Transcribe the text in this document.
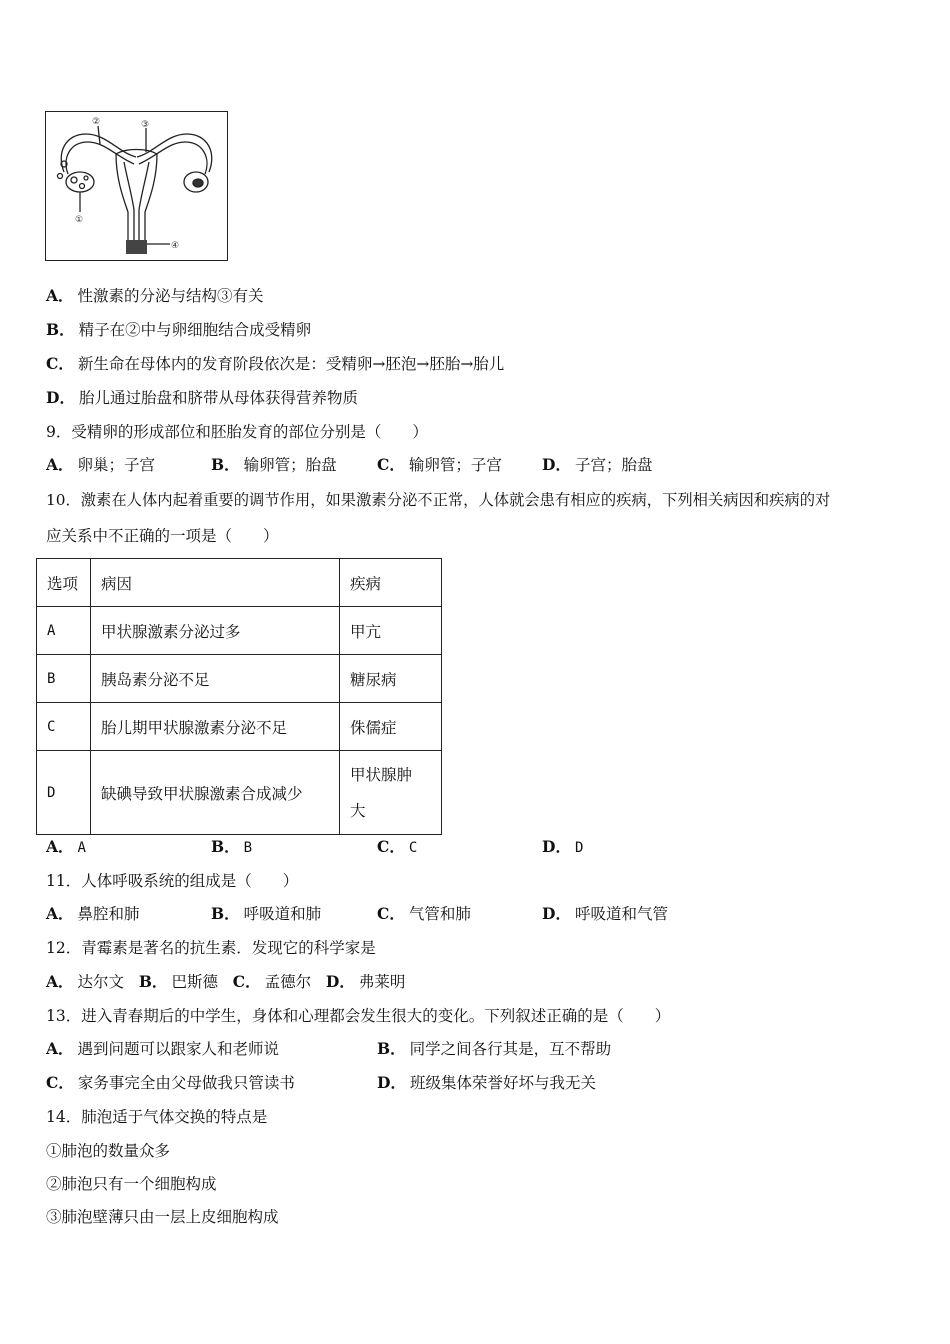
②	③
①
④
A． 性激素的分泌与结构③有关
B． 精子在②中与卵细胞结合成受精卵
C． 新生命在母体内的发育阶段依次是：受精卵→胚泡→胚胎→胎儿
D． 胎儿通过胎盘和脐带从母体获得营养物质
9．受精卵的形成部位和胚胎发育的部位分别是（　　）
A． 卵巢；子宫	B． 输卵管；胎盘	C． 输卵管；子宫	D． 子宫；胎盘
10．激素在人体内起着重要的调节作用，如果激素分泌不正常，人体就会患有相应的疾病，下列相关病因和疾病的对
应关系中不正确的一项是（　　）
选项	病因	疾病
A	甲状腺激素分泌过多	甲亢
B	胰岛素分泌不足	糖尿病
C	胎儿期甲状腺激素分泌不足	侏儒症
D	缺碘导致甲状腺激素合成减少	甲状腺肿
大
A． A	B． B	C． C	D． D
11．人体呼吸系统的组成是（　　）
A． 鼻腔和肺	B． 呼吸道和肺	C． 气管和肺	D． 呼吸道和气管
12．青霉素是著名的抗生素．发现它的科学家是
A． 达尔文 B． 巴斯德 C． 孟德尔 D． 弗莱明
13．进入青春期后的中学生，身体和心理都会发生很大的变化。下列叙述正确的是（　　）
A． 遇到问题可以跟家人和老师说	B． 同学之间各行其是，互不帮助
C． 家务事完全由父母做我只管读书	D． 班级集体荣誉好坏与我无关
14．肺泡适于气体交换的特点是
①肺泡的数量众多
②肺泡只有一个细胞构成
③肺泡壁薄只由一层上皮细胞构成
